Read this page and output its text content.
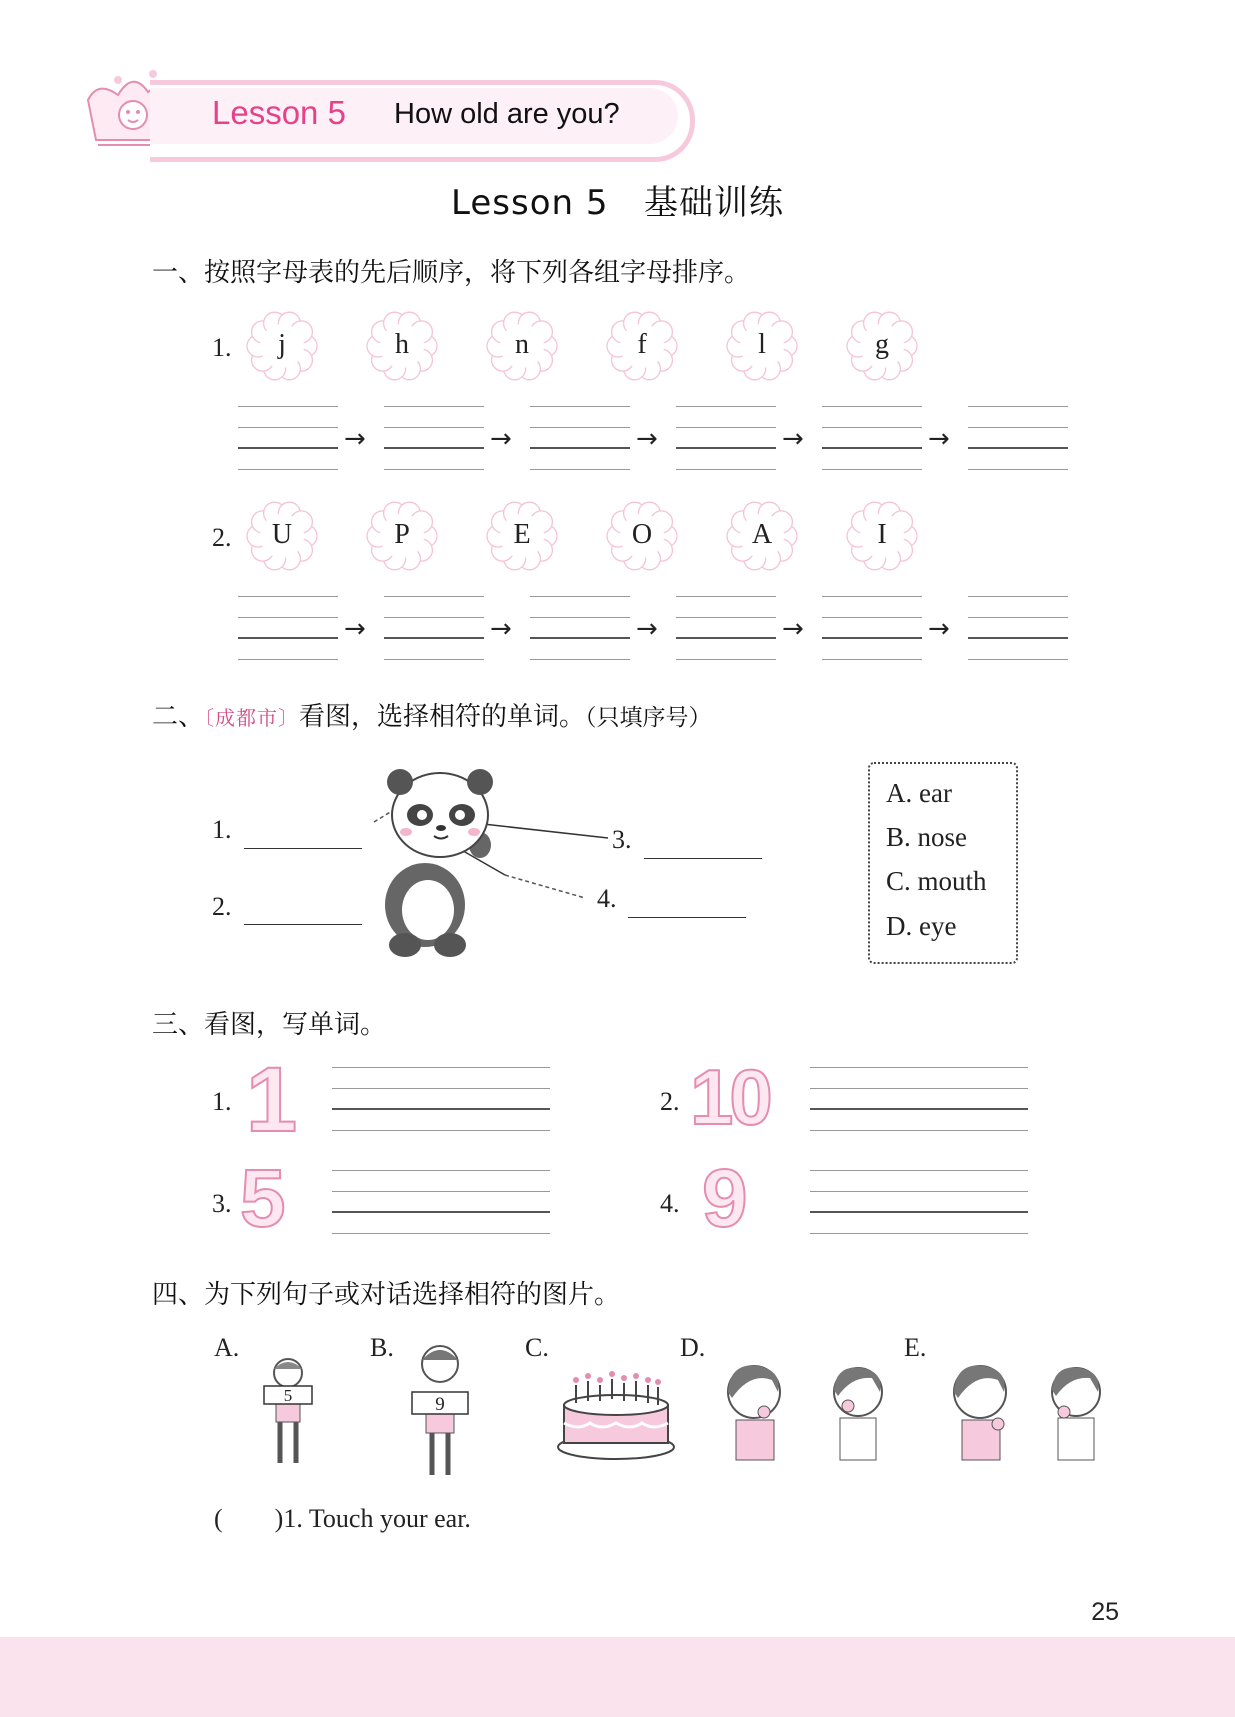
Lesson 5 How old are you?
Lesson 5   基础训练
一、按照字母表的先后顺序，将下列各组字母排序。
1.
2.
j	h	n	f	l	g
U	P	E	O	A	I
→	→	→	→	→
→	→	→	→	→
二、〔成都市〕看图，选择相符的单词。（只填序号）
1.
2.
3.
4.
A. ear
B. nose
C. mouth
D. eye
三、看图，写单词。
1. 1	2. 10
3. 5	4. 9
四、为下列句子或对话选择相符的图片。
A.	B.	C.	D.	E.
5	9
(        )1. Touch your ear.
25
